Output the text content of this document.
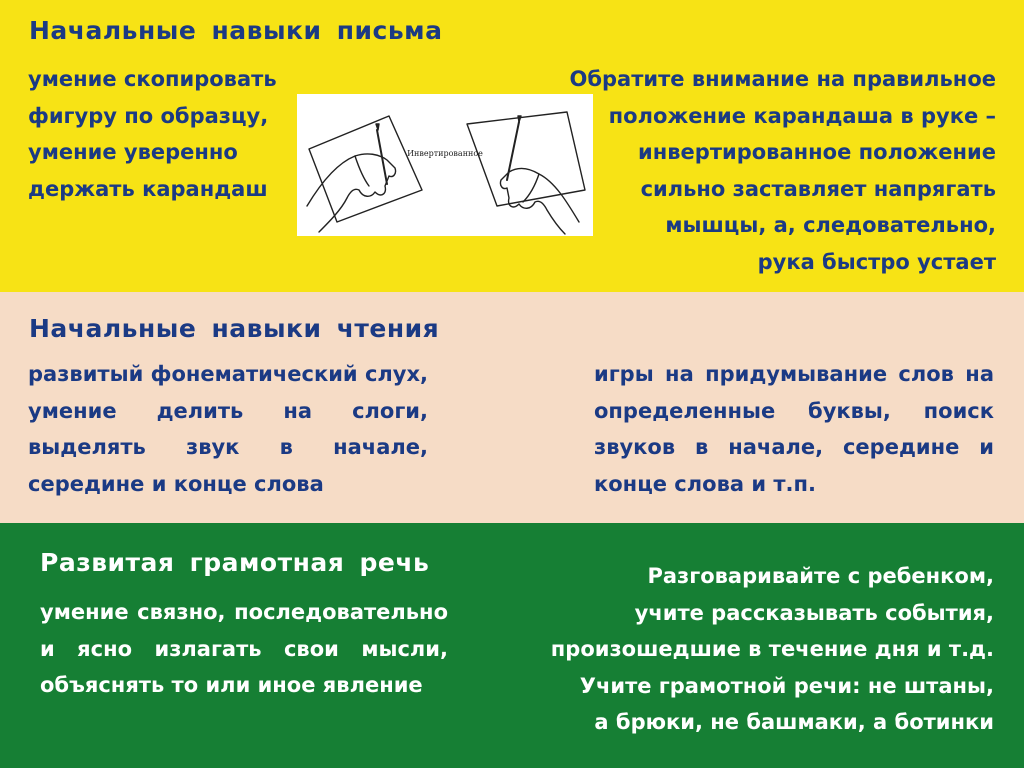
Начальные навыки письма
умение скопировать
фигуру по образцу,
умение уверенно
держать карандаш
Инвертированное
Обратите внимание на правильное
положение карандаша в руке –
инвертированное положение
сильно заставляет напрягать
мышцы, а, следовательно,
рука быстро устает
Начальные навыки чтения

развитый фонематический слух, умение делить на слоги, выделять звук в начале, середине и конце слова

игры на придумывание слов на определенные буквы, поиск звуков в начале, середине и конце слова и т.п.

Развитая грамотная речь

умение связно, последовательно и ясно излагать свои мысли, объяснять то или иное явление

Разговаривайте с ребенком,
учите рассказывать события,
произошедшие в течение дня и т.д.
Учите грамотной речи: не штаны,
а брюки, не башмаки, а ботинки
